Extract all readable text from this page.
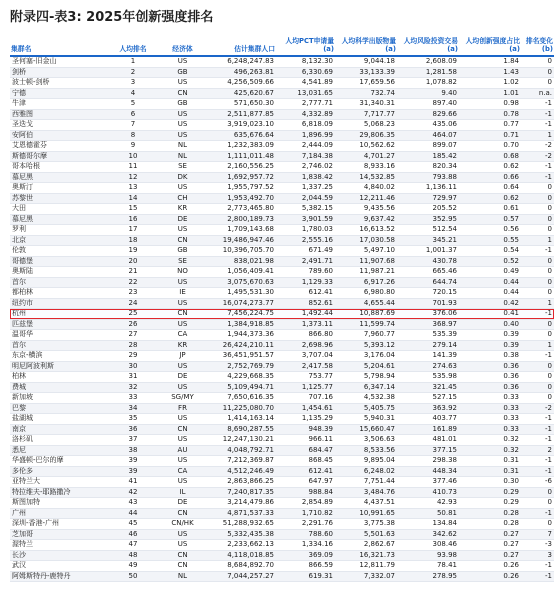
附录四-表3: 2025年创新强度排名
集群名	人均排名	经济体	估计集群人口	人均PCT申请量(a)	人均科学出版物量(a)	人均风险投资交易(a)	人均创新强度占比(a)	排名变化(b)
圣何塞-旧金山	1	US	6,248,247.83	8,132.30	9,044.18	2,608.09	1.84	0
剑桥	2	GB	496,263.81	6,330.69	33,133.39	1,281.58	1.43	0
波士顿-剑桥	3	US	4,256,509.66	4,541.89	17,659.56	1,078.82	1.02	0
宁德	4	CN	425,620.67	13,031.65	732.74	9.40	1.01	n.a.
牛津	5	GB	571,650.30	2,777.71	31,340.31	897.40	0.98	-1
西雅图	6	US	2,511,877.85	4,332.89	7,717.77	829.66	0.78	-1
圣迭戈	7	US	3,919,023.10	6,818.09	5,068.23	435.06	0.77	-1
安阿伯	8	US	635,676.64	1,896.99	29,806.35	464.07	0.71	1
艾恩德霍芬	9	NL	1,232,383.09	2,444.09	10,562.62	899.07	0.70	-2
斯德哥尔摩	10	NL	1,111,011.48	7,184.38	4,701.27	185.42	0.68	-2
哥本哈根	11	SE	2,160,556.25	2,746.02	8,933.16	820.34	0.62	-1
慕尼黑	12	DK	1,692,957.72	1,838.42	14,532.85	793.88	0.66	-1
奥斯汀	13	US	1,955,797.52	1,337.25	4,840.02	1,136.11	0.64	0
苏黎世	14	CH	1,953,492.70	2,044.59	12,211.46	729.97	0.62	0
大田	15	KR	2,773,465.80	5,382.15	9,435.56	205.52	0.61	0
慕尼黑	16	DE	2,800,189.73	3,901.59	9,637.42	352.95	0.57	0
罗利	17	US	1,709,143.68	1,780.03	16,613.52	512.54	0.56	0
北京	18	CN	19,486,947.46	2,555.16	17,030.58	345.21	0.55	1
伦敦	19	GB	10,396,705.70	671.49	5,497.10	1,001.37	0.54	-1
哥德堡	20	SE	838,021.98	2,491.71	11,907.68	430.78	0.52	0
奥斯陆	21	NO	1,056,409.41	789.60	11,987.21	665.46	0.49	0
首尔	22	US	3,075,670.63	1,129.33	6,917.26	644.74	0.44	0
都柏林	23	IE	1,495,531.30	612.41	6,980.80	720.15	0.44	0
纽约市	24	US	16,074,273.77	852.61	4,655.44	701.93	0.42	1
杭州	25	CN	7,456,224.75	1,492.44	10,887.69	376.06	0.41	-1
匹兹堡	26	US	1,384,918.85	1,373.11	11,599.74	368.97	0.40	0
温哥华	27	CA	1,944,373.36	866.80	7,960.77	535.39	0.39	0
首尔	28	KR	26,424,210.11	2,698.96	5,393.12	279.14	0.39	1
东京-横滨	29	JP	36,451,951.57	3,707.04	3,176.04	141.39	0.38	-1
明尼阿波利斯	30	US	2,752,769.79	2,417.58	5,204.61	274.63	0.36	0
柏林	31	DE	4,229,668.35	753.77	5,798.94	535.98	0.36	0
费城	32	US	5,109,494.71	1,125.77	6,347.14	321.45	0.36	0
新加坡	33	SG/MY	7,650,616.35	707.16	4,532.38	527.15	0.33	0
巴黎	34	FR	11,225,080.70	1,454.61	5,405.75	363.92	0.33	-2
盐湖城	35	US	1,414,163.14	1,135.29	5,940.31	403.77	0.33	-1
南京	36	CN	8,690,287.55	948.39	15,660.47	161.89	0.33	-1
洛杉矶	37	US	12,247,130.21	966.11	3,506.63	481.01	0.32	-1
悉尼	38	AU	4,048,792.71	684.47	8,533.56	377.15	0.32	2
华盛顿-巴尔的摩	39	US	7,212,369.87	868.45	9,895.04	298.38	0.31	-1
多伦多	39	CA	4,512,246.49	612.41	6,248.02	448.34	0.31	-1
亚特兰大	41	US	2,863,866.25	647.97	7,751.44	377.46	0.30	-6
特拉维夫-耶路撒冷	42	IL	7,240,817.35	988.84	3,484.76	410.73	0.29	0
斯图加特	43	DE	3,214,479.86	2,854.89	4,437.51	42.93	0.29	0
广州	44	CN	4,871,537.33	1,710.82	10,991.65	50.81	0.28	-1
深圳-香港-广州	45	CN/HK	51,288,932.65	2,291.76	3,775.38	134.84	0.28	0
芝加哥	46	US	5,332,435.38	788.60	5,501.63	342.62	0.27	7
渥特兰	47	US	2,233,662.13	1,334.16	2,862.67	308.46	0.27	-3
长沙	48	CN	4,118,018.85	369.09	16,321.73	93.98	0.27	3
武汉	49	CN	8,684,892.70	866.59	12,811.79	78.41	0.26	-1
阿姆斯特丹-鹿特丹	50	NL	7,044,257.27	619.31	7,332.07	278.95	0.26	-1
